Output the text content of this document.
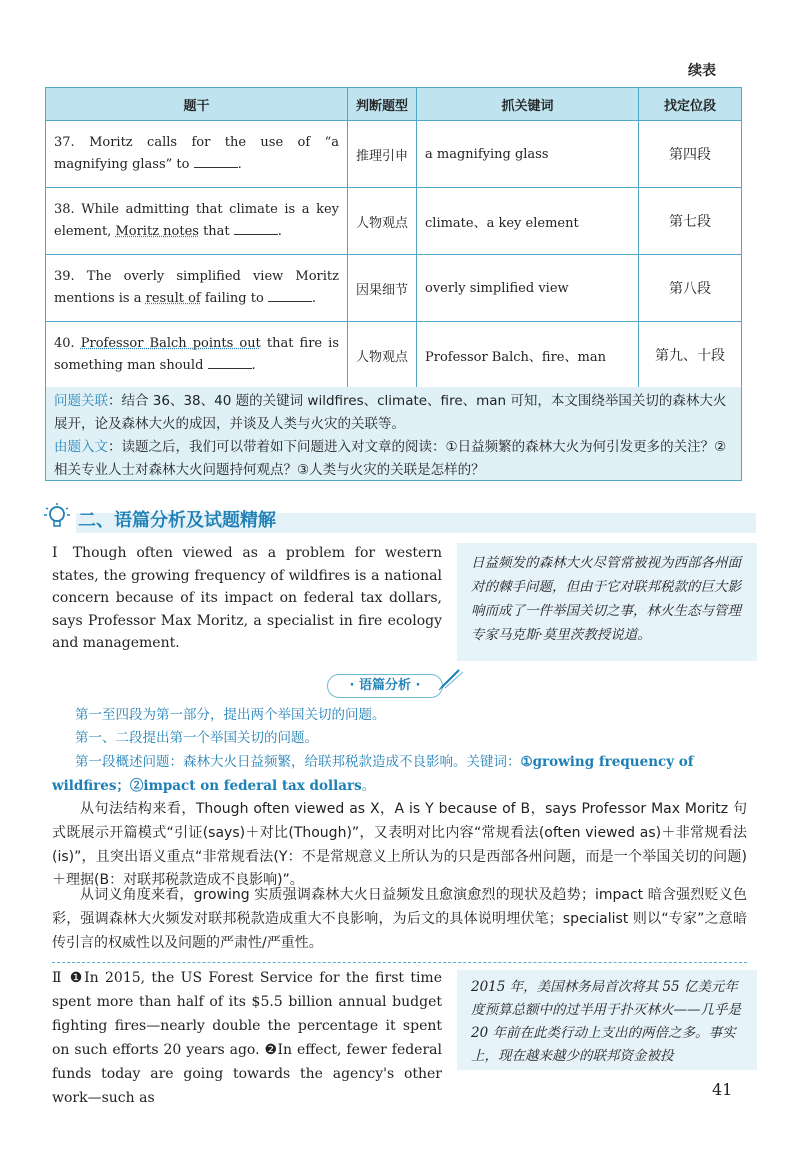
续表
题干	判断题型	抓关键词	找定位段
37. Moritz calls for the use of “a magnifying glass” to .	推理引申	a magnifying glass	第四段
38. While admitting that climate is a key element, Moritz notes that .	人物观点	climate、a key element	第七段
39. The overly simplified view Moritz mentions is a result of failing to .	因果细节	overly simplified view	第八段
40. Professor Balch points out that fire is something man should .	人物观点	Professor Balch、fire、man	第九、十段
问题关联：结合 36、38、40 题的关键词 wildfires、climate、fire、man 可知，本文围绕举国关切的森林大火展开，论及森林大火的成因，并谈及人类与火灾的关联等。
由题入文：读题之后，我们可以带着如下问题进入对文章的阅读：①日益频繁的森林大火为何引发更多的关注？②相关专业人士对森林大火问题持何观点？③人类与火灾的关联是怎样的？
二、语篇分析及试题精解
Ⅰ Though often viewed as a problem for western states, the growing frequency of wildfires is a national concern because of its impact on federal tax dollars, says Professor Max Moritz, a specialist in fire ecology and management.
日益频发的森林大火尽管常被视为西部各州面对的棘手问题，但由于它对联邦税款的巨大影响而成了一件举国关切之事，林火生态与管理专家马克斯·莫里茨教授说道。
· 语篇分析 ·
第一至四段为第一部分，提出两个举国关切的问题。
第一、二段提出第一个举国关切的问题。
第一段概述问题：森林大火日益频繁，给联邦税款造成不良影响。关键词：①growing frequency of wildfires；②impact on federal tax dollars。
从句法结构来看，Though often viewed as X，A is Y because of B，says Professor Max Moritz 句式既展示开篇模式“引证(says)＋对比(Though)”，又表明对比内容“常规看法(often viewed as)＋非常规看法(is)”，且突出语义重点“非常规看法(Y：不是常规意义上所认为的只是西部各州问题，而是一个举国关切的问题)＋理据(B：对联邦税款造成不良影响)”。
从词义角度来看，growing 实质强调森林大火日益频发且愈演愈烈的现状及趋势；impact 暗含强烈贬义色彩，强调森林大火频发对联邦税款造成重大不良影响，为后文的具体说明埋伏笔；specialist 则以“专家”之意暗传引言的权威性以及问题的严肃性/严重性。
Ⅱ ❶In 2015, the US Forest Service for the first time spent more than half of its $5.5 billion annual budget fighting fires—nearly double the percentage it spent on such efforts 20 years ago. ❷In effect, fewer federal funds today are going towards the agency's other work—such as
2015 年，美国林务局首次将其 55 亿美元年度预算总额中的过半用于扑灭林火——几乎是 20 年前在此类行动上支出的两倍之多。事实上，现在越来越少的联邦资金被投
41
